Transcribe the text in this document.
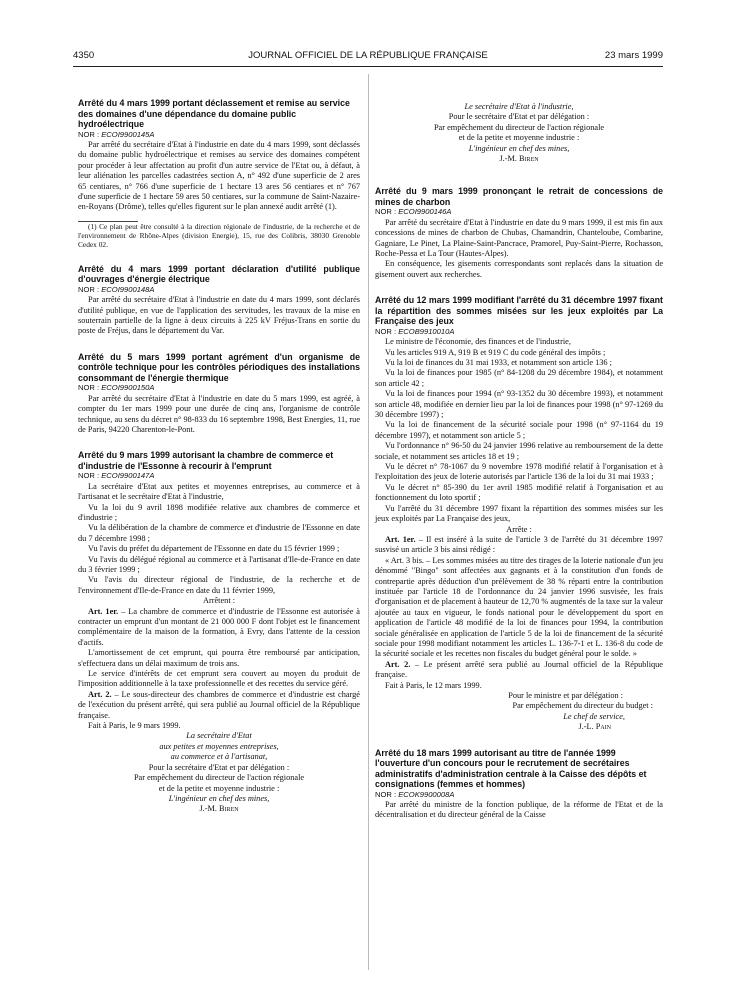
4350	JOURNAL OFFICIEL DE LA RÉPUBLIQUE FRANÇAISE	23 mars 1999

Arrêté du 4 mars 1999 portant déclassement et remise au service des domaines d'une dépendance du domaine public hydroélectrique

NOR : ECOI9900145A

Par arrêté du secrétaire d'Etat à l'industrie en date du 4 mars 1999, sont déclassés du domaine public hydroélectrique et remises au service des domaines compétent pour procéder à leur affectation au profit d'un autre service de l'Etat ou, à défaut, à leur aliénation les parcelles cadastrées section A, n° 492 d'une superficie de 2 ares 65 centiares, n° 766 d'une superficie de 1 hectare 13 ares 56 centiares et n° 767 d'une superficie de 1 hectare 59 ares 50 centiares, sur la commune de Saint-Nazaire-en-Royans (Drôme), telles qu'elles figurent sur le plan annexé audit arrêté (1).

(1) Ce plan peut être consulté à la direction régionale de l'industrie, de la recherche et de l'environnement de Rhône-Alpes (division Energie), 15, rue des Colibris, 38030 Grenoble Cedex 02.

Arrêté du 4 mars 1999 portant déclaration d'utilité publique d'ouvrages d'énergie électrique

NOR : ECOI9900148A

Par arrêté du secrétaire d'Etat à l'industrie en date du 4 mars 1999, sont déclarés d'utilité publique, en vue de l'application des servitudes, les travaux de la mise en souterrain partielle de la ligne à deux circuits à 225 kV Fréjus-Trans en sortie du poste de Fréjus, dans le département du Var.

Arrêté du 5 mars 1999 portant agrément d'un organisme de contrôle technique pour les contrôles périodiques des installations consommant de l'énergie thermique

NOR : ECOI9900150A

Par arrêté du secrétaire d'Etat à l'industrie en date du 5 mars 1999, est agréé, à compter du 1er mars 1999 pour une durée de cinq ans, l'organisme de contrôle technique, au sens du décret n° 98-833 du 16 septembre 1998, Best Energies, 11, rue de Paris, 94220 Charenton-le-Pont.

Arrêté du 9 mars 1999 autorisant la chambre de commerce et d'industrie de l'Essonne à recourir à l'emprunt

NOR : ECOI9900147A

La secrétaire d'Etat aux petites et moyennes entreprises, au commerce et à l'artisanat et le secrétaire d'Etat à l'industrie,

Vu la loi du 9 avril 1898 modifiée relative aux chambres de commerce et d'industrie ;

Vu la délibération de la chambre de commerce et d'industrie de l'Essonne en date du 7 décembre 1998 ;

Vu l'avis du préfet du département de l'Essonne en date du 15 février 1999 ;

Vu l'avis du délégué régional au commerce et à l'artisanat d'Ile-de-France en date du 3 février 1999 ;

Vu l'avis du directeur régional de l'industrie, de la recherche et de l'environnement d'Ile-de-France en date du 11 février 1999,

Arrêtent :

Art. 1er. – La chambre de commerce et d'industrie de l'Essonne est autorisée à contracter un emprunt d'un montant de 21 000 000 F dont l'objet est le financement complémentaire de la maison de la formation, à Evry, dans l'attente de la cession d'actifs.

L'amortissement de cet emprunt, qui pourra être remboursé par anticipation, s'effectuera dans un délai maximum de trois ans.

Le service d'intérêts de cet emprunt sera couvert au moyen du produit de l'imposition additionnelle à la taxe professionnelle et des recettes du service géré.

Art. 2. – Le sous-directeur des chambres de commerce et d'industrie est chargé de l'exécution du présent arrêté, qui sera publié au Journal officiel de la République française.

Fait à Paris, le 9 mars 1999.

La secrétaire d'Etat

aux petites et moyennes entreprises,

au commerce et à l'artisanat,

Pour la secrétaire d'Etat et par délégation :

Par empêchement du directeur de l'action régionale

et de la petite et moyenne industrie :

L'ingénieur en chef des mines,

J.-M. Biren

Le secrétaire d'Etat à l'industrie,

Pour le secrétaire d'Etat et par délégation :

Par empêchement du directeur de l'action régionale

et de la petite et moyenne industrie :

L'ingénieur en chef des mines,

J.-M. Biren

Arrêté du 9 mars 1999 prononçant le retrait de concessions de mines de charbon

NOR : ECOI9900146A

Par arrêté du secrétaire d'Etat à l'industrie en date du 9 mars 1999, il est mis fin aux concessions de mines de charbon de Chubas, Chamandrin, Chanteloube, Combarine, Gagniare, Le Pinet, La Plaine-Saint-Pancrace, Pramorel, Puy-Saint-Pierre, Rochasson, Roche-Pessa et La Tour (Hautes-Alpes).

En conséquence, les gisements correspondants sont replacés dans la situation de gisement ouvert aux recherches.

Arrêté du 12 mars 1999 modifiant l'arrêté du 31 décembre 1997 fixant la répartition des sommes misées sur les jeux exploités par La Française des jeux

NOR : ECOB9910010A

Le ministre de l'économie, des finances et de l'industrie,

Vu les articles 919 A, 919 B et 919 C du code général des impôts ;

Vu la loi de finances du 31 mai 1933, et notamment son article 136 ;

Vu la loi de finances pour 1985 (n° 84-1208 du 29 décembre 1984), et notamment son article 42 ;

Vu la loi de finances pour 1994 (n° 93-1352 du 30 décembre 1993), et notamment son article 48, modifiée en dernier lieu par la loi de finances pour 1998 (n° 97-1269 du 30 décembre 1997) ;

Vu la loi de financement de la sécurité sociale pour 1998 (n° 97-1164 du 19 décembre 1997), et notamment son article 5 ;

Vu l'ordonnance n° 96-50 du 24 janvier 1996 relative au remboursement de la dette sociale, et notamment ses articles 18 et 19 ;

Vu le décret n° 78-1067 du 9 novembre 1978 modifié relatif à l'organisation et à l'exploitation des jeux de loterie autorisés par l'article 136 de la loi du 31 mai 1933 ;

Vu le décret n° 85-390 du 1er avril 1985 modifié relatif à l'organisation et au fonctionnement du loto sportif ;

Vu l'arrêté du 31 décembre 1997 fixant la répartition des sommes misées sur les jeux exploités par La Française des jeux,

Arrête :

Art. 1er. – Il est inséré à la suite de l'article 3 de l'arrêté du 31 décembre 1997 susvisé un article 3 bis ainsi rédigé :

« Art. 3 bis. – Les sommes misées au titre des tirages de la loterie nationale d'un jeu dénommé "Bingo" sont affectées aux gagnants et à la constitution d'un fonds de contrepartie après déduction d'un prélèvement de 38 % réparti entre la contribution instituée par l'article 18 de l'ordonnance du 24 janvier 1996 susvisée, les frais d'organisation et de placement à hauteur de 12,70 % augmentés de la taxe sur la valeur ajoutée au taux en vigueur, le fonds national pour le développement du sport en application de l'article 48 modifié de la loi de finances pour 1994, la contribution sociale généralisée en application de l'article 5 de la loi de financement de la sécurité sociale pour 1998 modifiant notamment les articles L. 136-7-1 et L. 136-8 du code de la sécurité sociale et les recettes non fiscales du budget général pour le solde. »

Art. 2. – Le présent arrêté sera publié au Journal officiel de la République française.

Fait à Paris, le 12 mars 1999.

Pour le ministre et par délégation :

Par empêchement du directeur du budget :

Le chef de service,

J.-L. Pain

Arrêté du 18 mars 1999 autorisant au titre de l'année 1999 l'ouverture d'un concours pour le recrutement de secrétaires administratifs d'administration centrale à la Caisse des dépôts et consignations (femmes et hommes)

NOR : ECOK9900008A

Par arrêté du ministre de la fonction publique, de la réforme de l'Etat et de la décentralisation et du directeur général de la Caisse
